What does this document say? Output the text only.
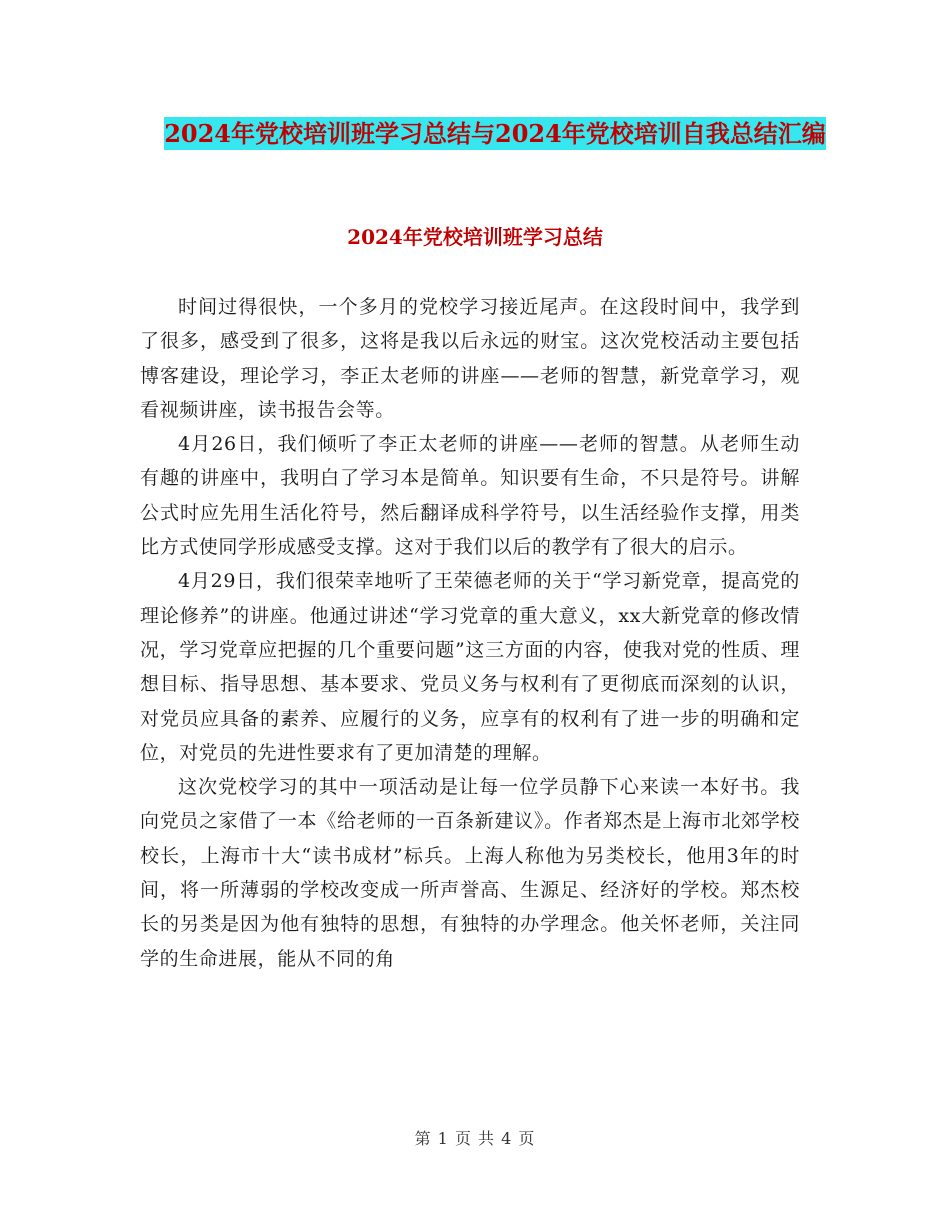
2024年党校培训班学习总结与2024年党校培训自我总结汇编
2024年党校培训班学习总结

时间过得很快，一个多月的党校学习接近尾声。在这段时间中，我学到了很多，感受到了很多，这将是我以后永远的财宝。这次党校活动主要包括博客建设，理论学习，李正太老师的讲座——老师的智慧，新党章学习，观看视频讲座，读书报告会等。

4月26日，我们倾听了李正太老师的讲座——老师的智慧。从老师生动有趣的讲座中，我明白了学习本是简单。知识要有生命，不只是符号。讲解公式时应先用生活化符号，然后翻译成科学符号，以生活经验作支撑，用类比方式使同学形成感受支撑。这对于我们以后的教学有了很大的启示。

4月29日，我们很荣幸地听了王荣德老师的关于“学习新党章，提高党的理论修养”的讲座。他通过讲述“学习党章的重大意义，xx大新党章的修改情况，学习党章应把握的几个重要问题”这三方面的内容，使我对党的性质、理想目标、指导思想、基本要求、党员义务与权利有了更彻底而深刻的认识，对党员应具备的素养、应履行的义务，应享有的权利有了进一步的明确和定位，对党员的先进性要求有了更加清楚的理解。

这次党校学习的其中一项活动是让每一位学员静下心来读一本好书。我向党员之家借了一本《给老师的一百条新建议》。作者郑杰是上海市北郊学校校长，上海市十大“读书成材”标兵。上海人称他为另类校长，他用3年的时间，将一所薄弱的学校改变成一所声誉高、生源足、经济好的学校。郑杰校长的另类是因为他有独特的思想，有独特的办学理念。他关怀老师，关注同学的生命进展，能从不同的角

第 1 页 共 4 页
